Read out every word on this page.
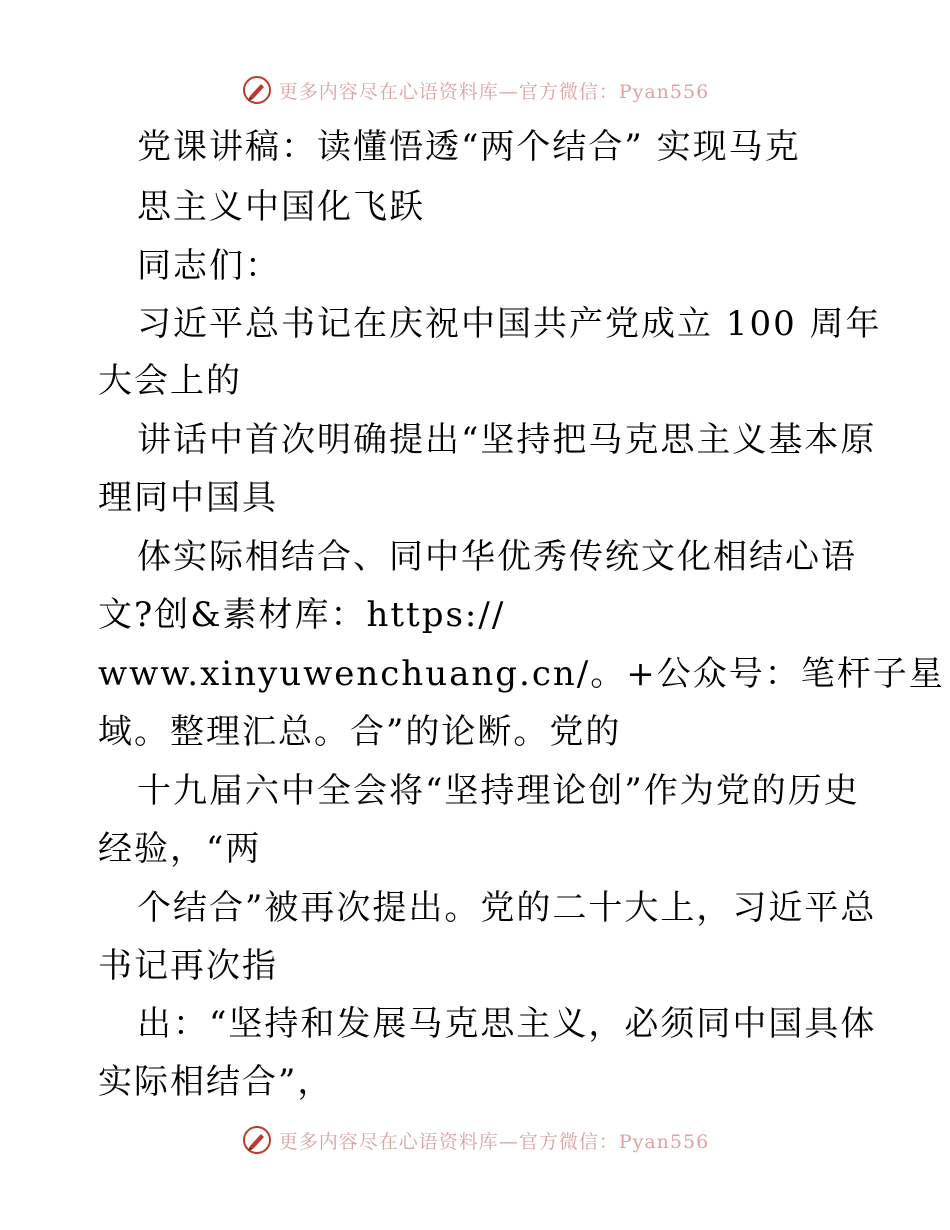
更多内容尽在心语资料库—官方微信：Pyan556
党课讲稿：读懂悟透“两个结合” 实现马克
思主义中国化飞跃
同志们：
习近平总书记在庆祝中国共产党成立 100 周年
大会上的
讲话中首次明确提出“坚持把马克思主义基本原
理同中国具
体实际相结合、同中华优秀传统文化相结心语
文?创&素材库：https://
www.xinyuwenchuang.cn/。+公众号：笔杆子星
域。整理汇总。合”的论断。党的
十九届六中全会将“坚持理论创”作为党的历史
经验，“两
个结合”被再次提出。党的二十大上，习近平总
书记再次指
出：“坚持和发展马克思主义，必须同中国具体
实际相结合”，
更多内容尽在心语资料库—官方微信：Pyan556
